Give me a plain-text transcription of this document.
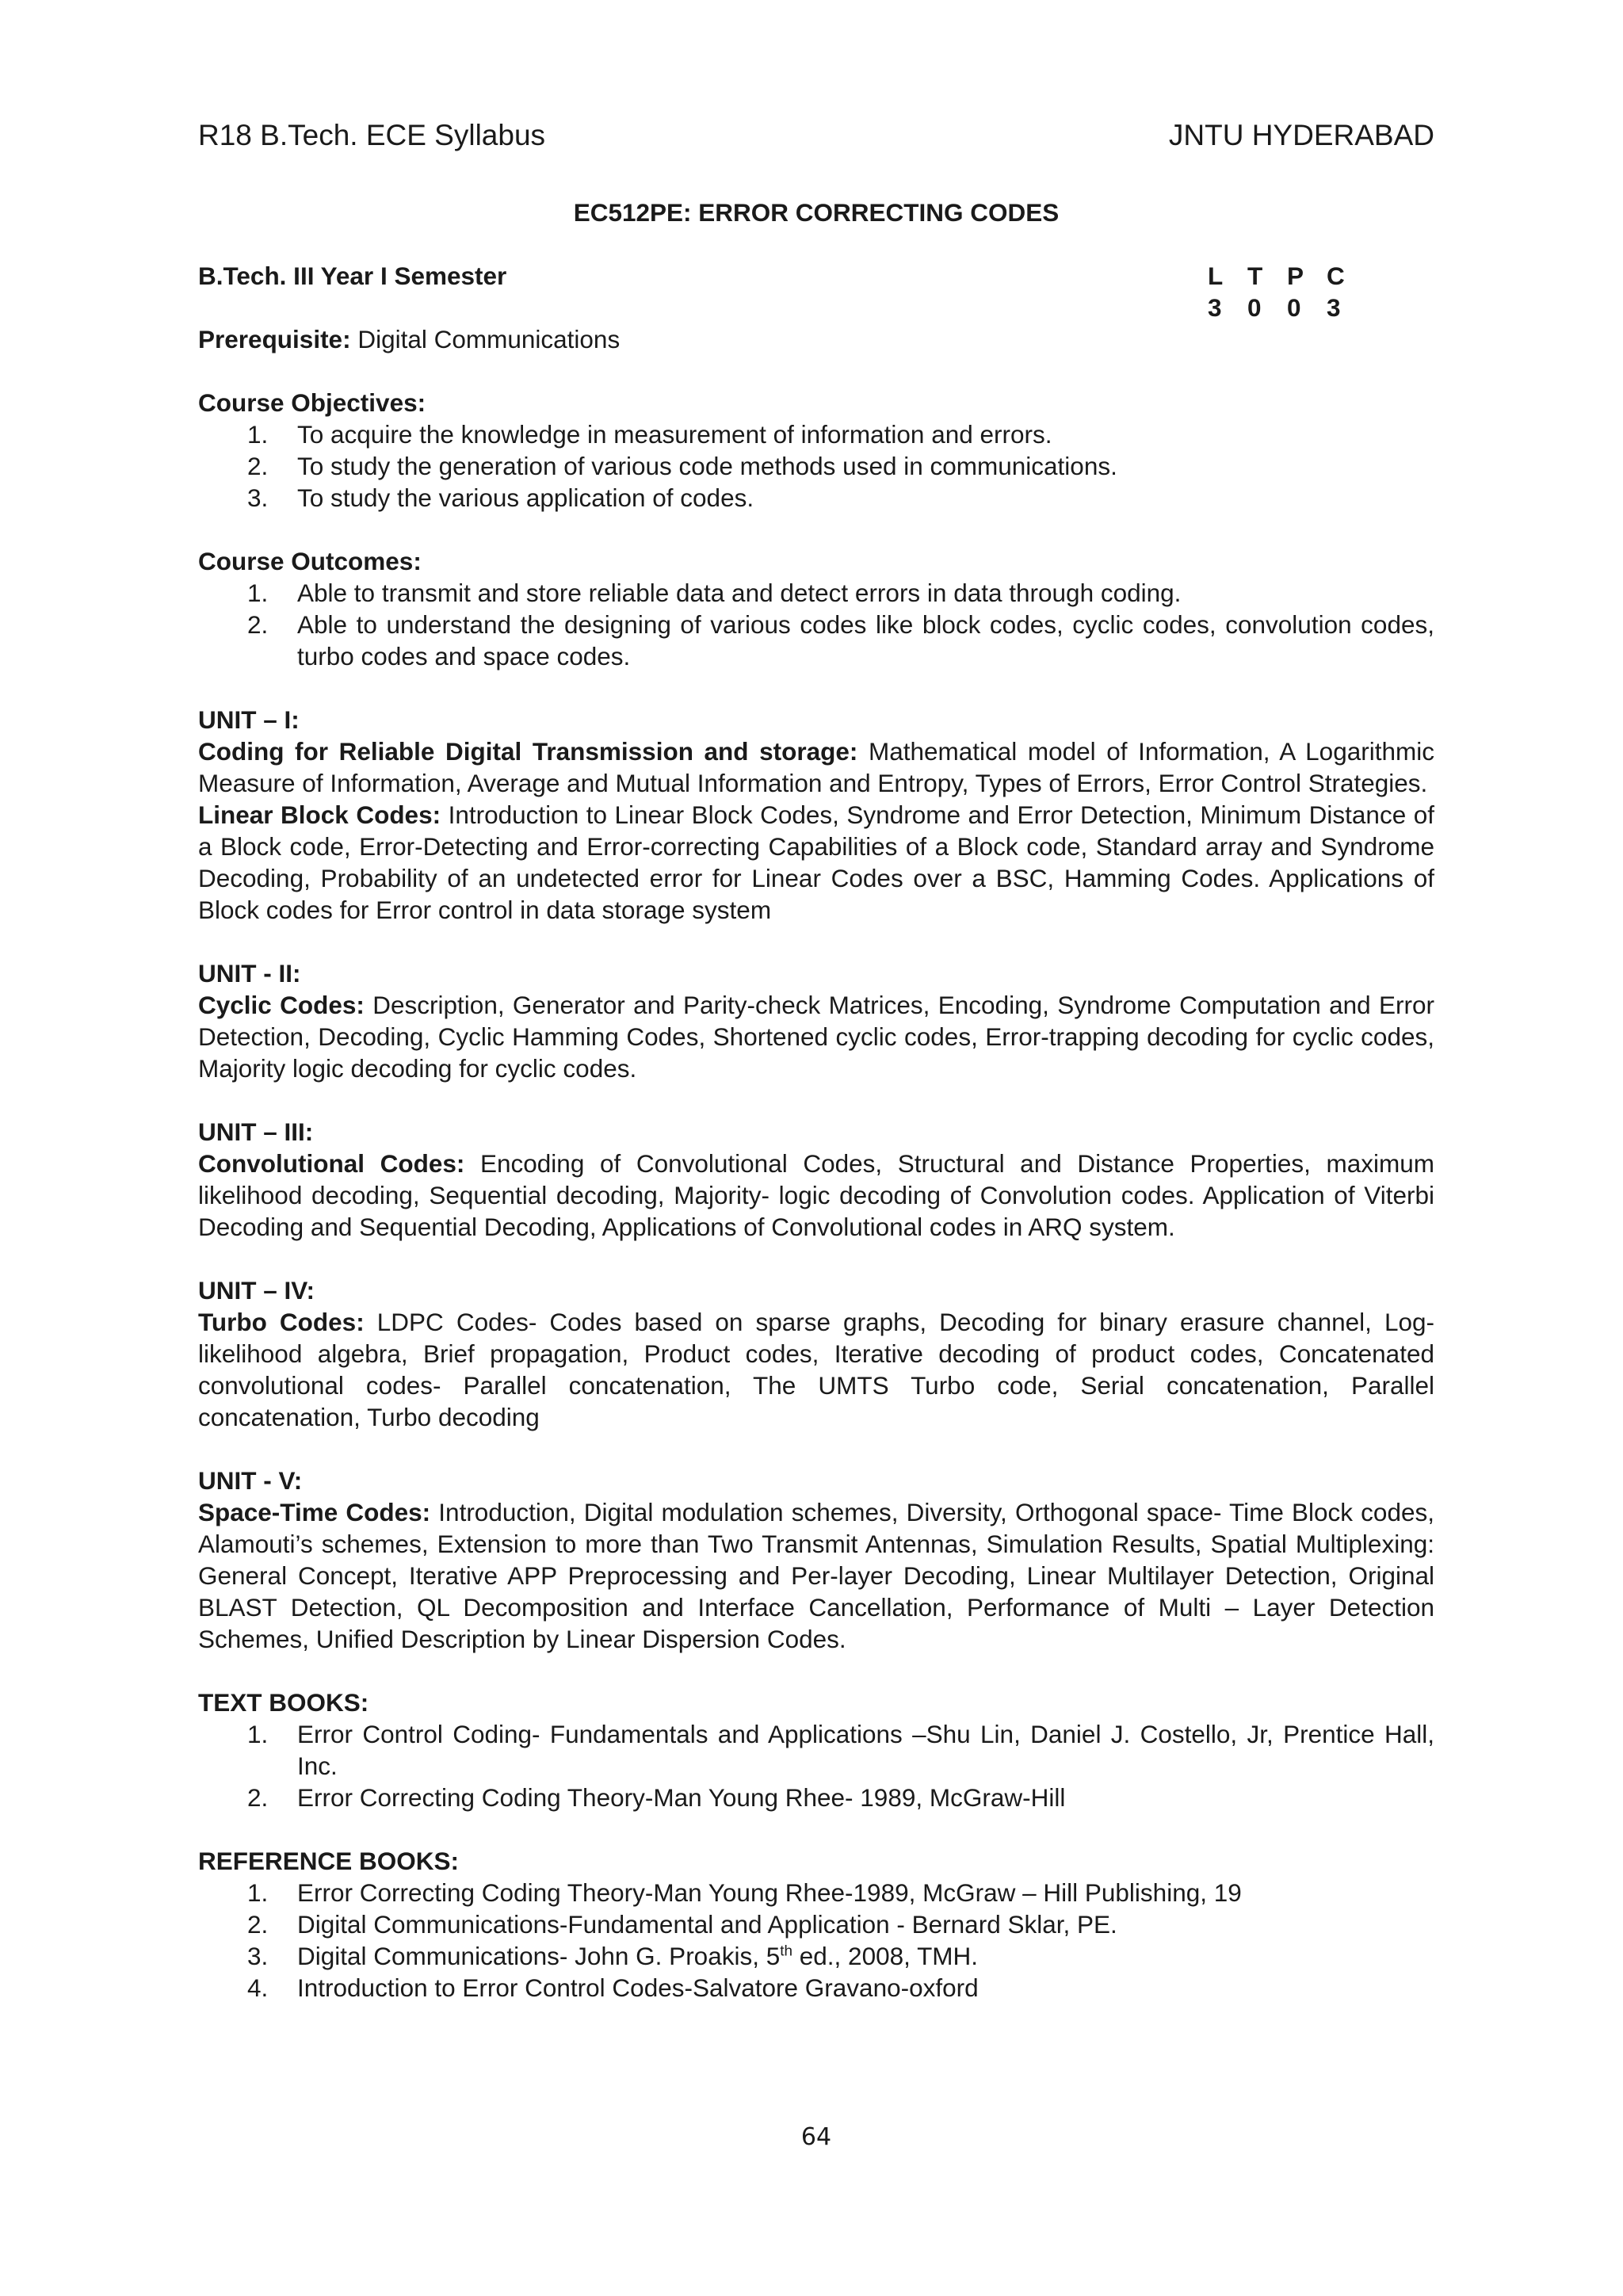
R18 B.Tech. ECE Syllabus	JNTU HYDERABAD
EC512PE: ERROR CORRECTING CODES
B.Tech. III Year I Semester	L T P C
3	0	0	3
Prerequisite: Digital Communications
Course Objectives:
1. To acquire the knowledge in measurement of information and errors.
2. To study the generation of various code methods used in communications.
3. To study the various application of codes.
Course Outcomes:
1. Able to transmit and store reliable data and detect errors in data through coding.
2. Able to understand the designing of various codes like block codes, cyclic codes, convolution codes, turbo codes and space codes.
UNIT – I:

Coding for Reliable Digital Transmission and storage: Mathematical model of Information, A Logarithmic Measure of Information, Average and Mutual Information and Entropy, Types of Errors, Error Control Strategies.

Linear Block Codes: Introduction to Linear Block Codes, Syndrome and Error Detection, Minimum Distance of a Block code, Error-Detecting and Error-correcting Capabilities of a Block code, Standard array and Syndrome Decoding, Probability of an undetected error for Linear Codes over a BSC, Hamming Codes. Applications of Block codes for Error control in data storage system

UNIT - II:

Cyclic Codes: Description, Generator and Parity-check Matrices, Encoding, Syndrome Computation and Error Detection, Decoding, Cyclic Hamming Codes, Shortened cyclic codes, Error-trapping decoding for cyclic codes, Majority logic decoding for cyclic codes.

UNIT – III:

Convolutional Codes: Encoding of Convolutional Codes, Structural and Distance Properties, maximum likelihood decoding, Sequential decoding, Majority- logic decoding of Convolution codes. Application of Viterbi Decoding and Sequential Decoding, Applications of Convolutional codes in ARQ system.

UNIT – IV:

Turbo Codes: LDPC Codes- Codes based on sparse graphs, Decoding for binary erasure channel, Log-likelihood algebra, Brief propagation, Product codes, Iterative decoding of product codes, Concatenated convolutional codes- Parallel concatenation, The UMTS Turbo code, Serial concatenation, Parallel concatenation, Turbo decoding

UNIT - V:

Space-Time Codes: Introduction, Digital modulation schemes, Diversity, Orthogonal space- Time Block codes, Alamouti’s schemes, Extension to more than Two Transmit Antennas, Simulation Results, Spatial Multiplexing: General Concept, Iterative APP Preprocessing and Per-layer Decoding, Linear Multilayer Detection, Original BLAST Detection, QL Decomposition and Interface Cancellation, Performance of Multi – Layer Detection Schemes, Unified Description by Linear Dispersion Codes.

TEXT BOOKS:
1. Error Control Coding- Fundamentals and Applications –Shu Lin, Daniel J. Costello, Jr, Prentice Hall, Inc.
2. Error Correcting Coding Theory-Man Young Rhee- 1989, McGraw-Hill
REFERENCE BOOKS:
1. Error Correcting Coding Theory-Man Young Rhee-1989, McGraw – Hill Publishing, 19
2. Digital Communications-Fundamental and Application - Bernard Sklar, PE.
3. Digital Communications- John G. Proakis, 5th ed., 2008, TMH.
4. Introduction to Error Control Codes-Salvatore Gravano-oxford
64
